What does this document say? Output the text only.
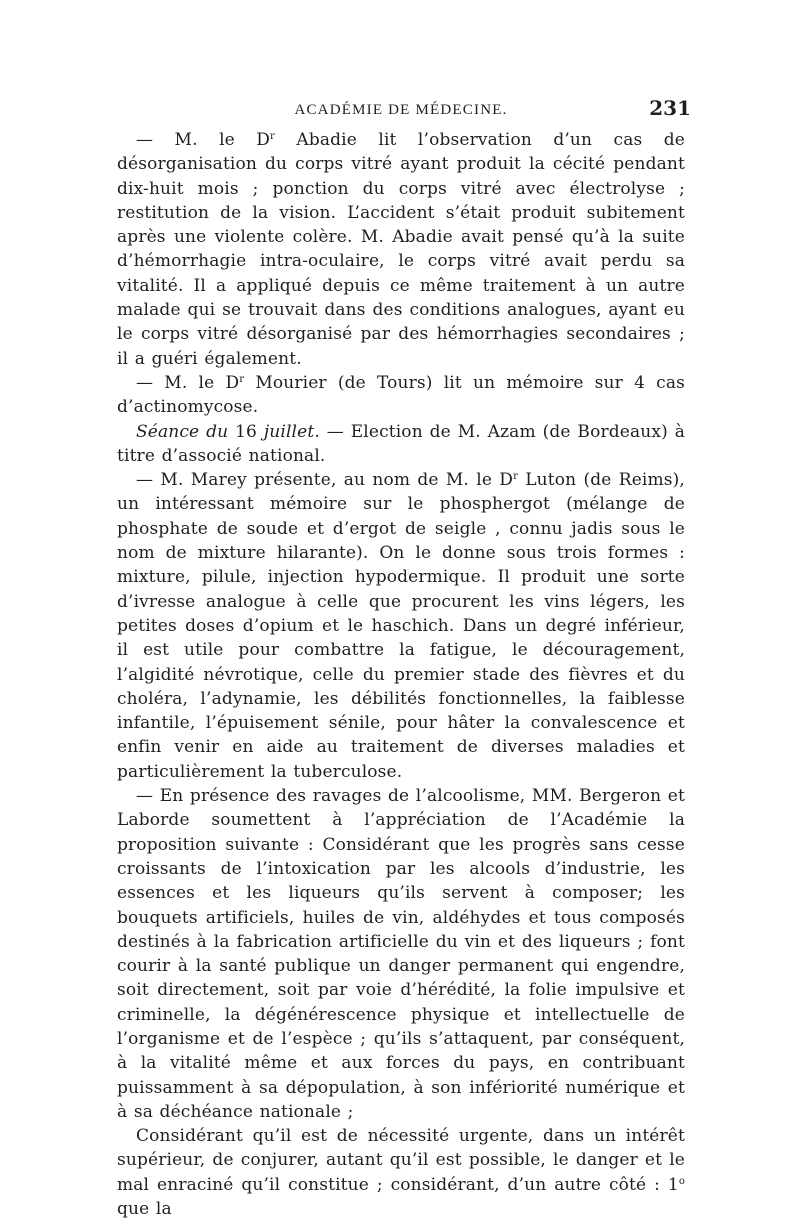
ACADÉMIE DE MÉDECINE.	231

— M. le $D^r$ Abadie lit l’observation d’un cas de désorganisation du corps vitré ayant produit la cécité pendant dix-huit mois ; ponction du corps vitré avec électrolyse ; restitution de la vision. L’accident s’était produit subitement après une violente colère. M. Abadie avait pensé qu’à la suite d’hémorrhagie intra-oculaire, le corps vitré avait perdu sa vitalité. Il a appliqué depuis ce même traitement à un autre malade qui se trouvait dans des conditions analogues, ayant eu le corps vitré désorganisé par des hémorrhagies secondaires ; il a guéri également.

— M. le $D^r$ Mourier (de Tours) lit un mémoire sur 4 cas d’actinomycose.

Séance du 16 juillet. — Election de M. Azam (de Bordeaux) à titre d’associé national.

— M. Marey présente, au nom de M. le $D^r$ Luton (de Reims), un intéressant mémoire sur le phosphergot (mélange de phosphate de soude et d’ergot de seigle , connu jadis sous le nom de mixture hilarante). On le donne sous trois formes : mixture, pilule, injection hypodermique. Il produit une sorte d’ivresse analogue à celle que procurent les vins légers, les petites doses d’opium et le haschich. Dans un degré inférieur, il est utile pour combattre la fatigue, le découragement, l’algidité névrotique, celle du premier stade des fièvres et du choléra, l’adynamie, les débilités fonctionnelles, la faiblesse infantile, l’épuisement sénile, pour hâter la convalescence et enfin venir en aide au traitement de diverses maladies et particulièrement la tuberculose.

— En présence des ravages de l’alcoolisme, MM. Bergeron et Laborde soumettent à l’appréciation de l’Académie la proposition suivante : Considérant que les progrès sans cesse croissants de l’intoxication par les alcools d’industrie, les essences et les liqueurs qu’ils servent à composer; les bouquets artificiels, huiles de vin, aldéhydes et tous composés destinés à la fabrication artificielle du vin et des liqueurs ; font courir à la santé publique un danger permanent qui engendre, soit directement, soit par voie d’hérédité, la folie impulsive et criminelle, la dégénérescence physique et intellectuelle de l’organisme et de l’espèce ; qu’ils s’attaquent, par conséquent, à la vitalité même et aux forces du pays, en contribuant puissamment à sa dépopulation, à son infériorité numérique et à sa déchéance nationale ;

Considérant qu’il est de nécessité urgente, dans un intérêt supérieur, de conjurer, autant qu’il est possible, le danger et le mal enraciné qu’il constitue ; considérant, d’un autre côté : 1$^o$ que la
